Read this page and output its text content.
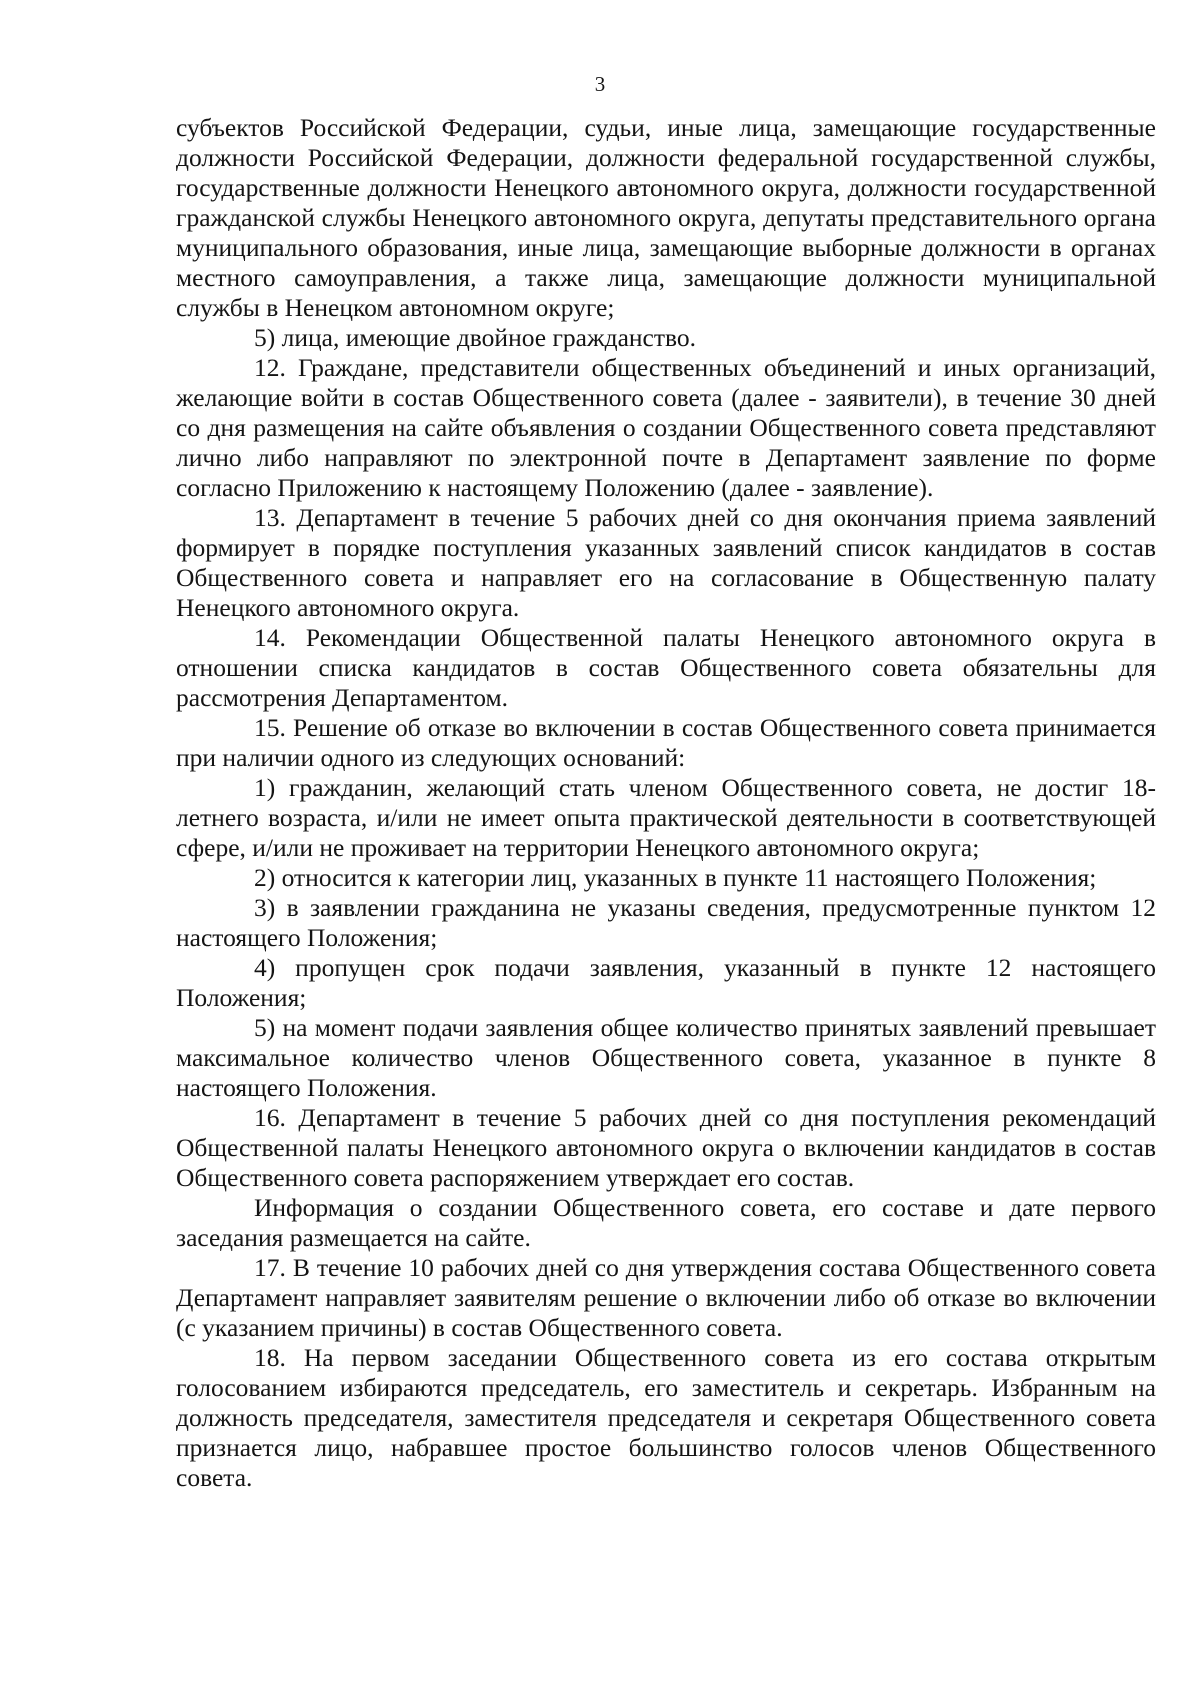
3

субъектов Российской Федерации, судьи, иные лица, замещающие государственные должности Российской Федерации, должности федеральной государственной службы, государственные должности Ненецкого автономного округа, должности государственной гражданской службы Ненецкого автономного округа, депутаты представительного органа муниципального образования, иные лица, замещающие выборные должности в органах местного самоуправления, а также лица, замещающие должности муниципальной службы в Ненецком автономном округе;

5) лица, имеющие двойное гражданство.

12. Граждане, представители общественных объединений и иных организаций, желающие войти в состав Общественного совета (далее - заявители), в течение 30 дней со дня размещения на сайте объявления о создании Общественного совета представляют лично либо направляют по электронной почте в Департамент заявление по форме согласно Приложению к настоящему Положению (далее - заявление).

13. Департамент в течение 5 рабочих дней со дня окончания приема заявлений формирует в порядке поступления указанных заявлений список кандидатов в состав Общественного совета и направляет его на согласование в Общественную палату Ненецкого автономного округа.

14. Рекомендации Общественной палаты Ненецкого автономного округа в отношении списка кандидатов в состав Общественного совета обязательны для рассмотрения Департаментом.

15. Решение об отказе во включении в состав Общественного совета принимается при наличии одного из следующих оснований:

1) гражданин, желающий стать членом Общественного совета, не достиг 18-летнего возраста, и/или не имеет опыта практической деятельности в соответствующей сфере, и/или не проживает на территории Ненецкого автономного округа;

2) относится к категории лиц, указанных в пункте 11 настоящего Положения;

3) в заявлении гражданина не указаны сведения, предусмотренные пунктом 12 настоящего Положения;

4) пропущен срок подачи заявления, указанный в пункте 12 настоящего Положения;

5) на момент подачи заявления общее количество принятых заявлений превышает максимальное количество членов Общественного совета, указанное в пункте 8 настоящего Положения.

16. Департамент в течение 5 рабочих дней со дня поступления рекомендаций Общественной палаты Ненецкого автономного округа о включении кандидатов в состав Общественного совета распоряжением утверждает его состав.

Информация о создании Общественного совета, его составе и дате первого заседания размещается на сайте.

17. В течение 10 рабочих дней со дня утверждения состава Общественного совета Департамент направляет заявителям решение о включении либо об отказе во включении (с указанием причины) в состав Общественного совета.

18. На первом заседании Общественного совета из его состава открытым голосованием избираются председатель, его заместитель и секретарь. Избранным на должность председателя, заместителя председателя и секретаря Общественного совета признается лицо, набравшее простое большинство голосов членов Общественного совета.
